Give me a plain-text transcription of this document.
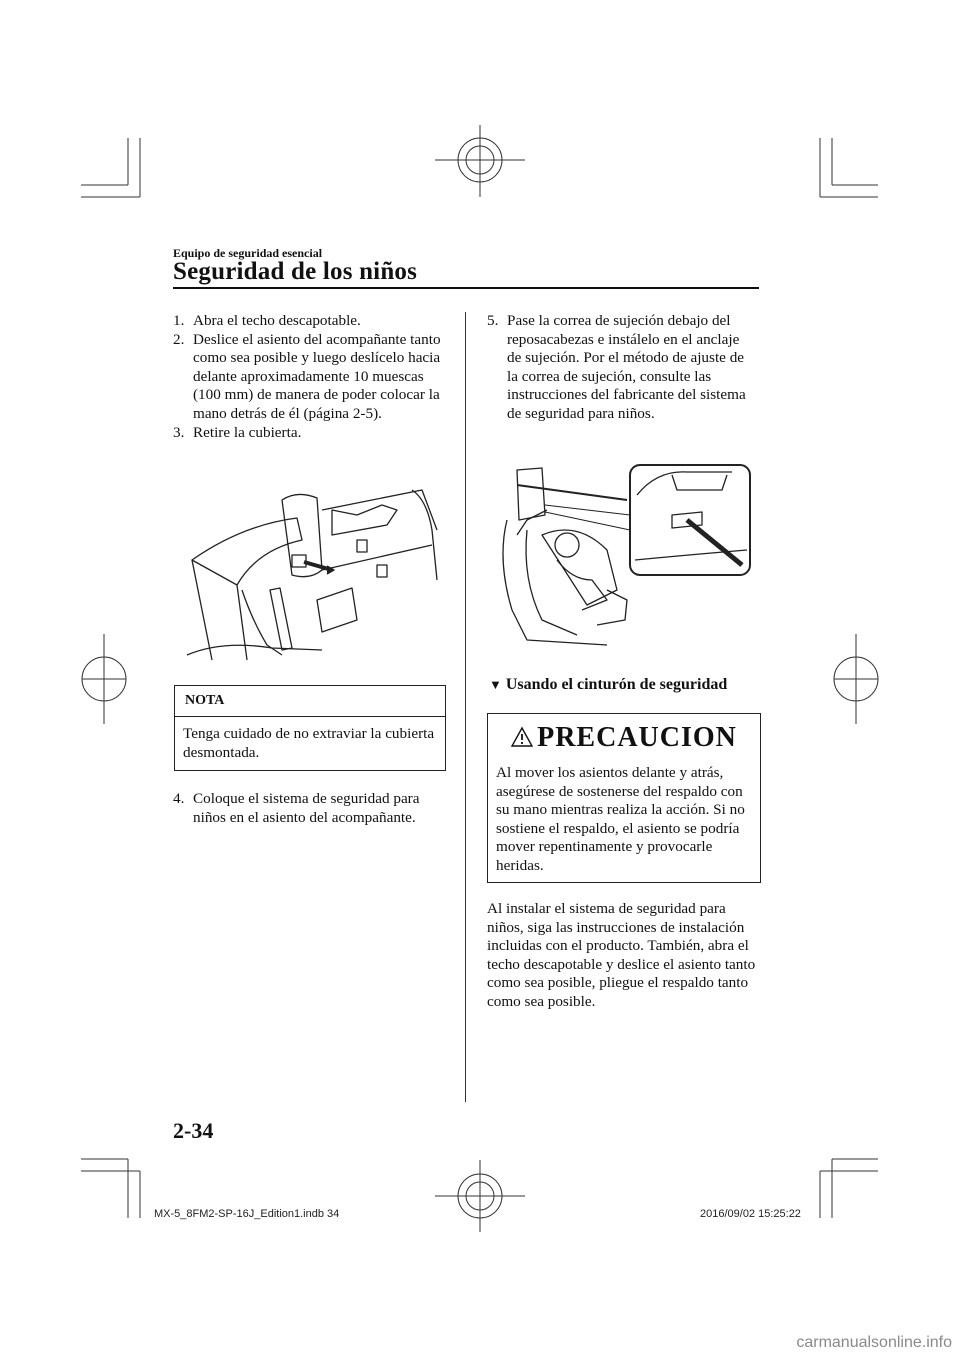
Equipo de seguridad esencial
Seguridad de los niños
1. Abra el techo descapotable.
2. Deslice el asiento del acompañante tanto como sea posible y luego deslícelo hacia delante aproximadamente 10 muescas (100 mm) de manera de poder colocar la mano detrás de él (página 2-5).
3. Retire la cubierta.
NOTA
Tenga cuidado de no extraviar la cubierta desmontada.
4. Coloque el sistema de seguridad para niños en el asiento del acompañante.
5. Pase la correa de sujeción debajo del reposacabezas e instálelo en el anclaje de sujeción. Por el método de ajuste de la correa de sujeción, consulte las instrucciones del fabricante del sistema de seguridad para niños.
▼ Usando el cinturón de seguridad
PRECAUCION
Al mover los asientos delante y atrás, asegúrese de sostenerse del respaldo con su mano mientras realiza la acción. Si no sostiene el respaldo, el asiento se podría mover repentinamente y provocarle heridas.
Al instalar el sistema de seguridad para niños, siga las instrucciones de instalación incluidas con el producto. También, abra el techo descapotable y deslice el asiento tanto como sea posible, pliegue el respaldo tanto como sea posible.
2-34
MX-5_8FM2-SP-16J_Edition1.indb 34	2016/09/02 15:25:22
carmanualsonline.info
